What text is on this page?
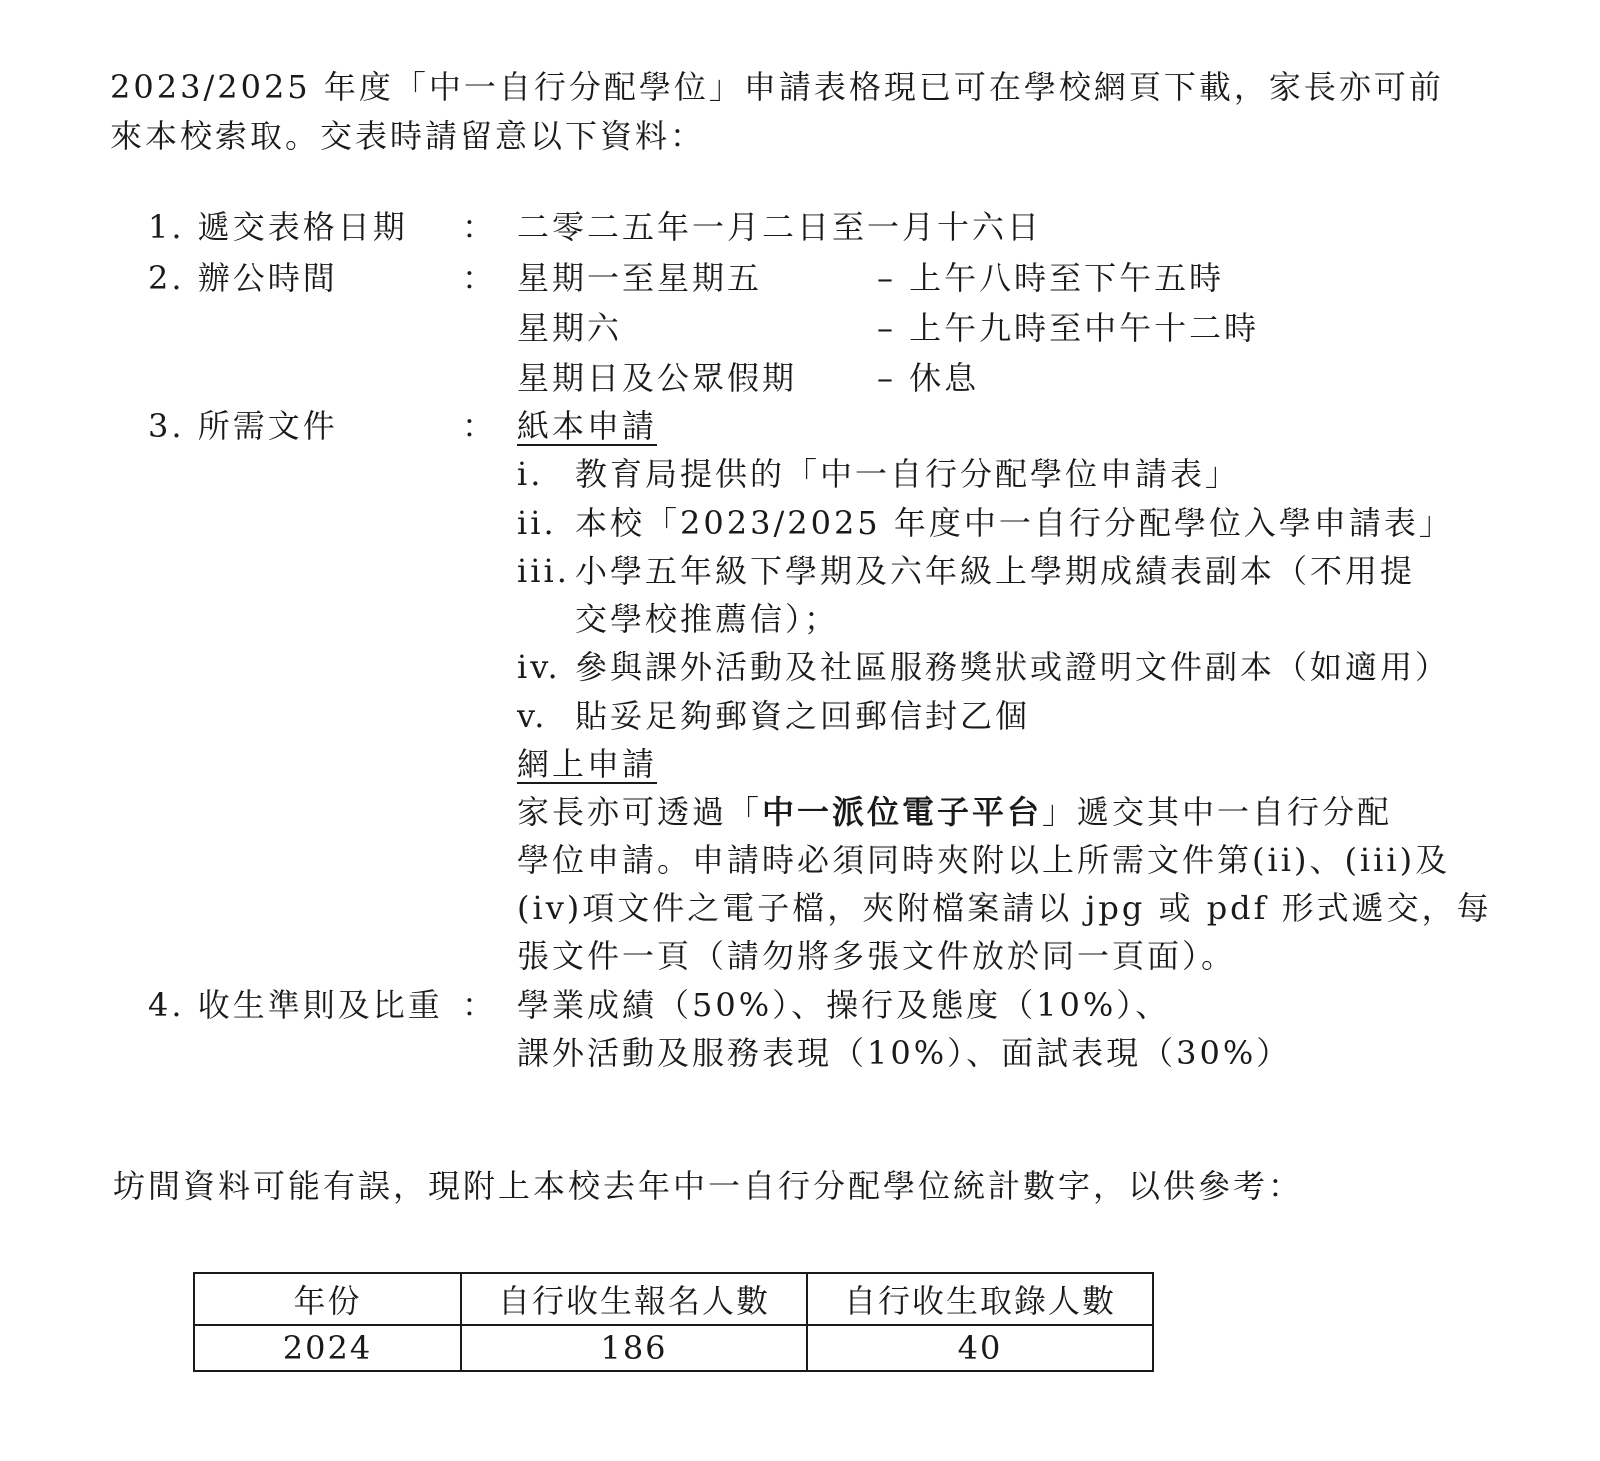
2023/2025 年度「中一自行分配學位」申請表格現已可在學校網頁下載，家長亦可前
來本校索取。交表時請留意以下資料：
1. 遞交表格日期 ： 二零二五年一月二日至一月十六日
2. 辦公時間	： 星期一至星期五	– 上午八時至下午五時
星期六	– 上午九時至中午十二時
星期日及公眾假期 – 休息
3. 所需文件	： 紙本申請
i. 教育局提供的「中一自行分配學位申請表」
ii. 本校「2023/2025 年度中一自行分配學位入學申請表」
iii. 小學五年級下學期及六年級上學期成績表副本（不用提
交學校推薦信）；
iv. 參與課外活動及社區服務獎狀或證明文件副本（如適用）
v. 貼妥足夠郵資之回郵信封乙個
網上申請
家長亦可透過「中一派位電子平台」遞交其中一自行分配
學位申請。申請時必須同時夾附以上所需文件第(ii)、(iii)及
(iv)項文件之電子檔，夾附檔案請以 jpg 或 pdf 形式遞交，每
張文件一頁（請勿將多張文件放於同一頁面）。
4. 收生準則及比重 ： 學業成績（50%）、操行及態度（10%）、
課外活動及服務表現（10%）、面試表現（30%）
坊間資料可能有誤，現附上本校去年中一自行分配學位統計數字，以供參考：
年份	自行收生報名人數	自行收生取錄人數
2024	186	40
